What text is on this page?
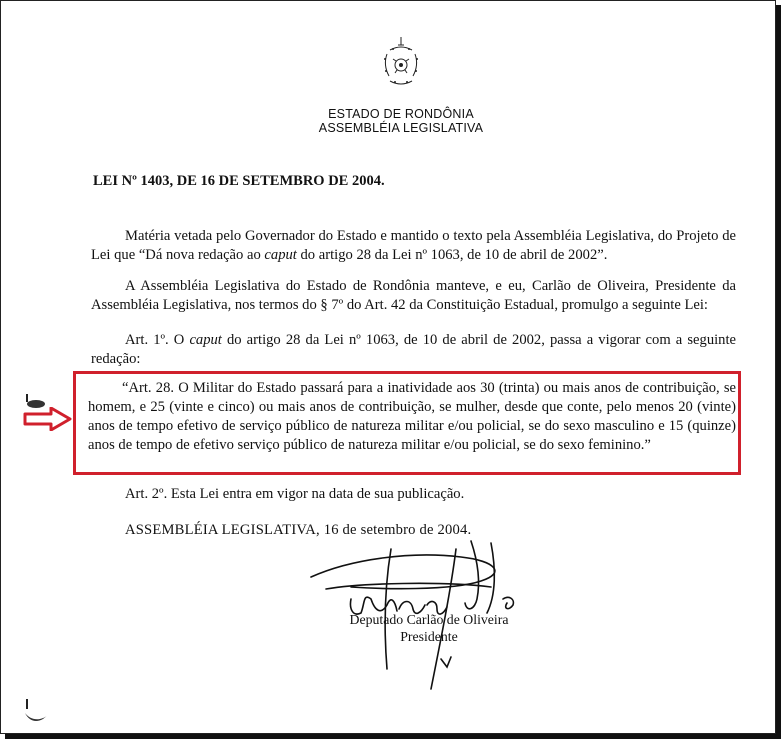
ESTADO DE RONDÔNIA
ASSEMBLÉIA LEGISLATIVA
LEI Nº 1403, DE 16 DE SETEMBRO DE 2004.

Matéria vetada pelo Governador do Estado e mantido o texto pela Assembléia Legislativa, do Projeto de Lei que “Dá nova redação ao caput do artigo 28 da Lei nº 1063, de 10 de abril de 2002”.

A Assembléia Legislativa do Estado de Rondônia manteve, e eu, Carlão de Oliveira, Presidente da Assembléia Legislativa, nos termos do § 7º do Art. 42 da Constituição Estadual, promulgo a seguinte Lei:

Art. 1º. O caput do artigo 28 da Lei nº 1063, de 10 de abril de 2002, passa a vigorar com a seguinte redação:

“Art. 28. O Militar do Estado passará para a inatividade aos 30 (trinta) ou mais anos de contribuição, se homem, e 25 (vinte e cinco) ou mais anos de contribuição, se mulher, desde que conte, pelo menos 20 (vinte) anos de tempo efetivo de serviço público de natureza militar e/ou policial, se do sexo masculino e 15 (quinze) anos de tempo de efetivo serviço público de natureza militar e/ou policial, se do sexo feminino.”

Art. 2º. Esta Lei entra em vigor na data de sua publicação.
ASSEMBLÉIA LEGISLATIVA, 16 de setembro de 2004.
Deputado Carlão de Oliveira
Presidente
